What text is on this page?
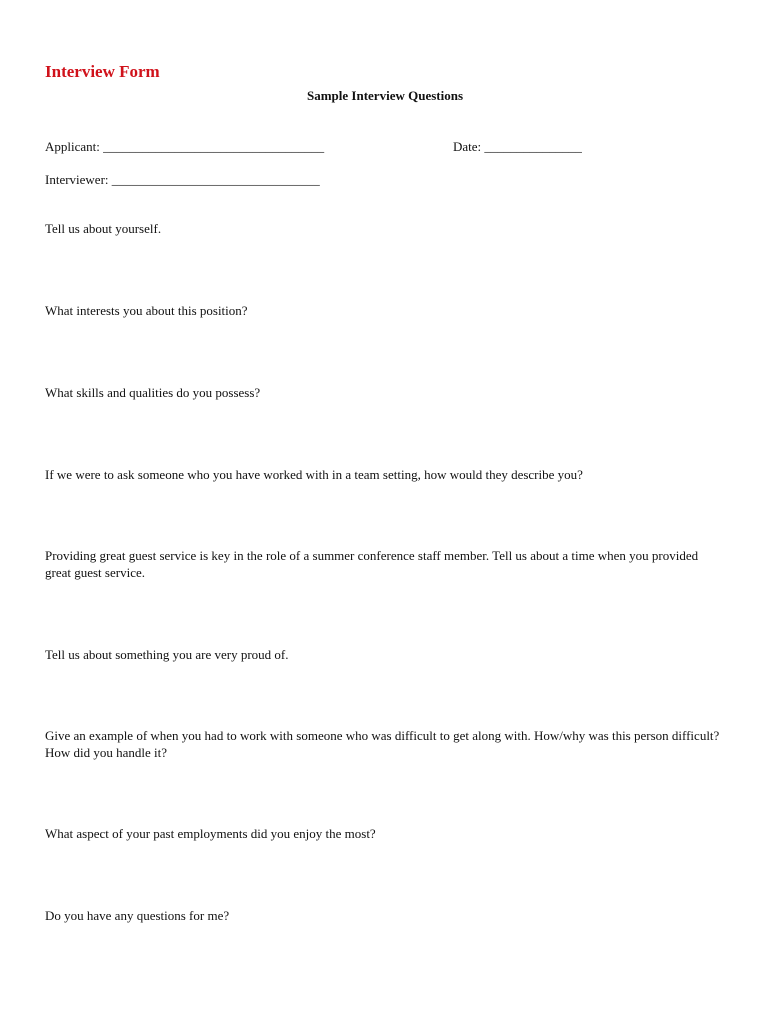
Interview Form
Sample Interview Questions
Applicant: __________________________________	Date: _______________
Interviewer: ________________________________
Tell us about yourself.
What interests you about this position?
What skills and qualities do you possess?
If we were to ask someone who you have worked with in a team setting, how would they describe you?
Providing great guest service is key in the role of a summer conference staff member. Tell us about a time when you provided great guest service.
Tell us about something you are very proud of.
Give an example of when you had to work with someone who was difficult to get along with. How/why was this person difficult? How did you handle it?
What aspect of your past employments did you enjoy the most?
Do you have any questions for me?
